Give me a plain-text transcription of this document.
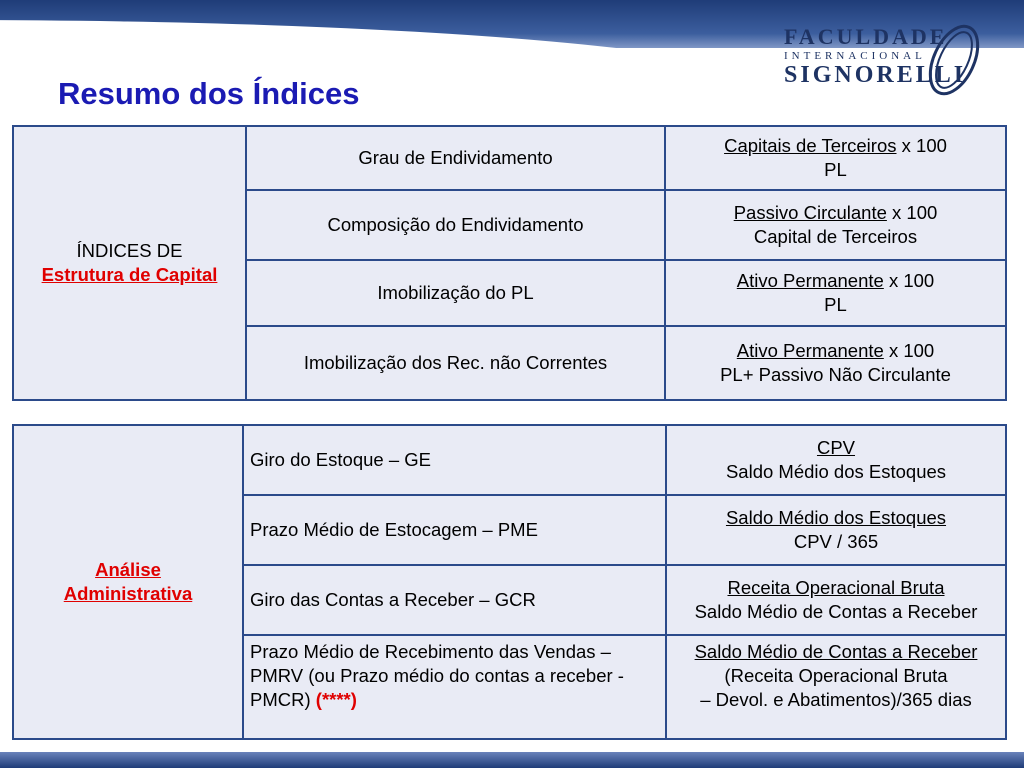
FACULDADE
INTERNACIONAL
SIGNORELLI
Resumo dos Índices
ÍNDICES DE
Estrutura de Capital	Grau de Endividamento	Capitais de Terceiros x 100
PL
	Composição do Endividamento	Passivo Circulante x 100
Capital de Terceiros
	Imobilização do PL	Ativo Permanente x 100
PL
	Imobilização dos Rec. não Correntes	Ativo Permanente x 100
PL+ Passivo Não Circulante
Análise
Administrativa	Giro do Estoque – GE	CPV
Saldo Médio dos Estoques
	Prazo Médio de Estocagem – PME	Saldo Médio dos Estoques
CPV / 365
	Giro das Contas a Receber – GCR	Receita Operacional Bruta
Saldo Médio de Contas a Receber
	Prazo Médio de Recebimento das Vendas – PMRV (ou Prazo médio do contas a receber - PMCR) (****)	Saldo Médio de Contas a Receber
(Receita Operacional Bruta
– Devol. e Abatimentos)/365 dias
